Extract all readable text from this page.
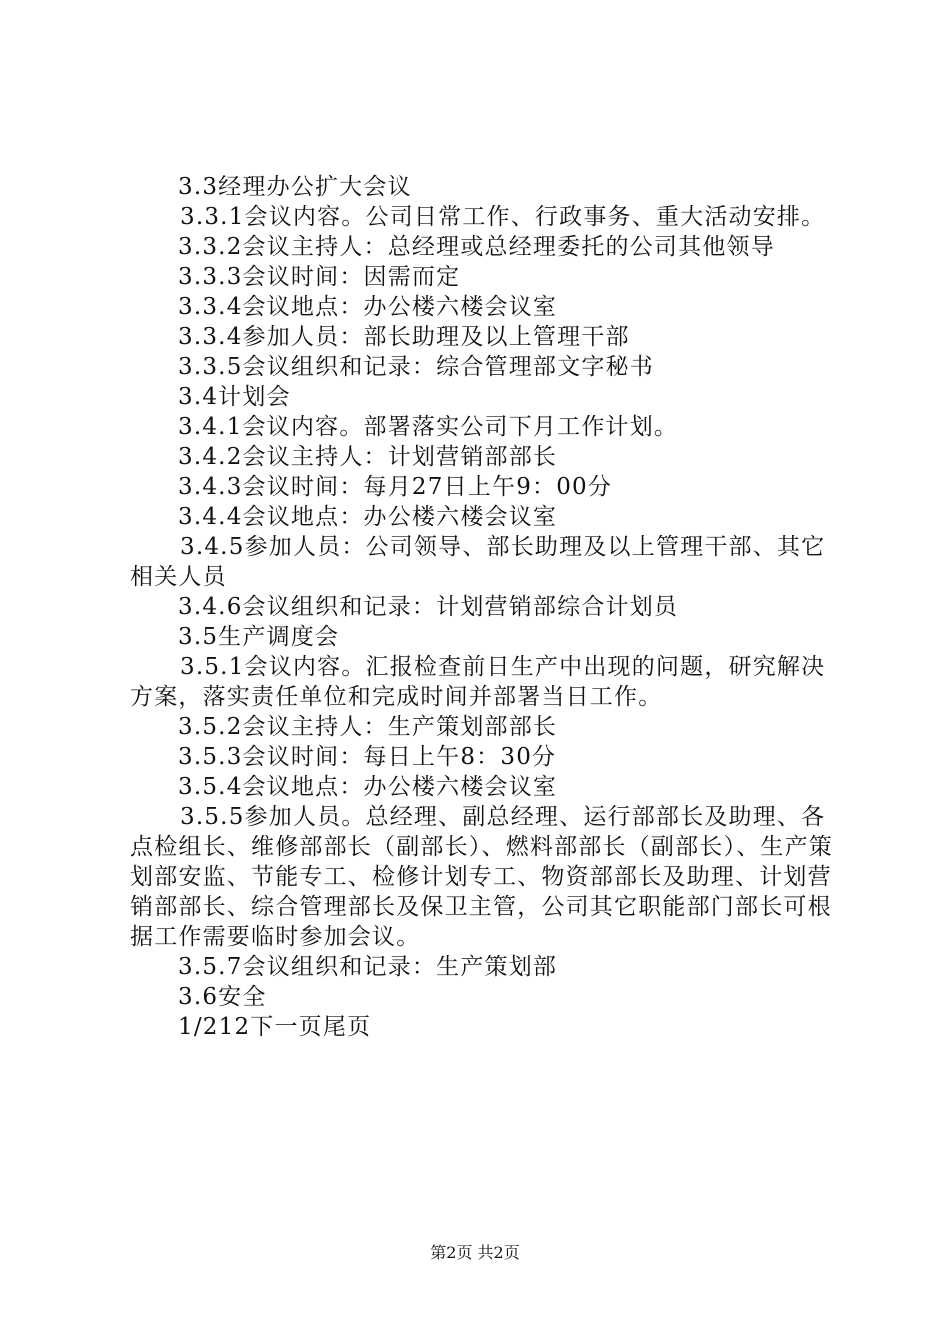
3.3经理办公扩大会议

3.3.1会议内容。公司日常工作、行政事务、重大活动安排。

3.3.2会议主持人：总经理或总经理委托的公司其他领导

3.3.3会议时间：因需而定

3.3.4会议地点：办公楼六楼会议室

3.3.4参加人员：部长助理及以上管理干部

3.3.5会议组织和记录：综合管理部文字秘书

3.4计划会

3.4.1会议内容。部署落实公司下月工作计划。

3.4.2会议主持人：计划营销部部长

3.4.3会议时间：每月27日上午9：00分

3.4.4会议地点：办公楼六楼会议室

3.4.5参加人员：公司领导、部长助理及以上管理干部、其它相关人员

3.4.6会议组织和记录：计划营销部综合计划员

3.5生产调度会

3.5.1会议内容。汇报检查前日生产中出现的问题，研究解决方案，落实责任单位和完成时间并部署当日工作。

3.5.2会议主持人：生产策划部部长

3.5.3会议时间：每日上午8：30分

3.5.4会议地点：办公楼六楼会议室

3.5.5参加人员。总经理、副总经理、运行部部长及助理、各点检组长、维修部部长（副部长）、燃料部部长（副部长）、生产策划部安监、节能专工、检修计划专工、物资部部长及助理、计划营销部部长、综合管理部长及保卫主管，公司其它职能部门部长可根据工作需要临时参加会议。

3.5.7会议组织和记录：生产策划部

3.6安全

1/212下一页尾页

第2页 共2页
